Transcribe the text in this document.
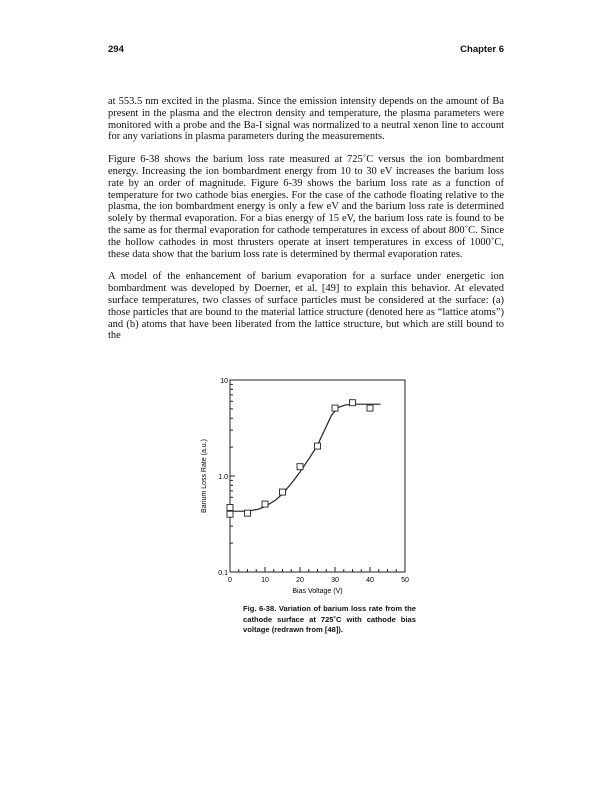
294	Chapter 6

at 553.5 nm excited in the plasma. Since the emission intensity depends on the amount of Ba present in the plasma and the electron density and temperature, the plasma parameters were monitored with a probe and the Ba-I signal was normalized to a neutral xenon line to account for any variations in plasma parameters during the measurements.

Figure 6-38 shows the barium loss rate measured at 725˚C versus the ion bombardment energy. Increasing the ion bombardment energy from 10 to 30 eV increases the barium loss rate by an order of magnitude. Figure 6-39 shows the barium loss rate as a function of temperature for two cathode bias energies. For the case of the cathode floating relative to the plasma, the ion bombardment energy is only a few eV and the barium loss rate is determined solely by thermal evaporation. For a bias energy of 15 eV, the barium loss rate is found to be the same as for thermal evaporation for cathode temperatures in excess of about 800˚C. Since the hollow cathodes in most thrusters operate at insert temperatures in excess of 1000˚C, these data show that the barium loss rate is determined by thermal evaporation rates.

A model of the enhancement of barium evaporation for a surface under energetic ion bombardment was developed by Doerner, et al. [49] to explain this behavior. At elevated surface temperatures, two classes of surface particles must be considered at the surface: (a) those particles that are bound to the material lattice structure (denoted here as “lattice atoms”) and (b) atoms that have been liberated from the lattice structure, but which are still bound to the

0	10	20	30	40	50
0.1
1.0
10
Bias Voltage (V)
Barium Loss Rate (a.u.)

Fig. 6-38. Variation of barium loss rate from the cathode surface at 725˚C with cathode bias voltage (redrawn from [48]).
